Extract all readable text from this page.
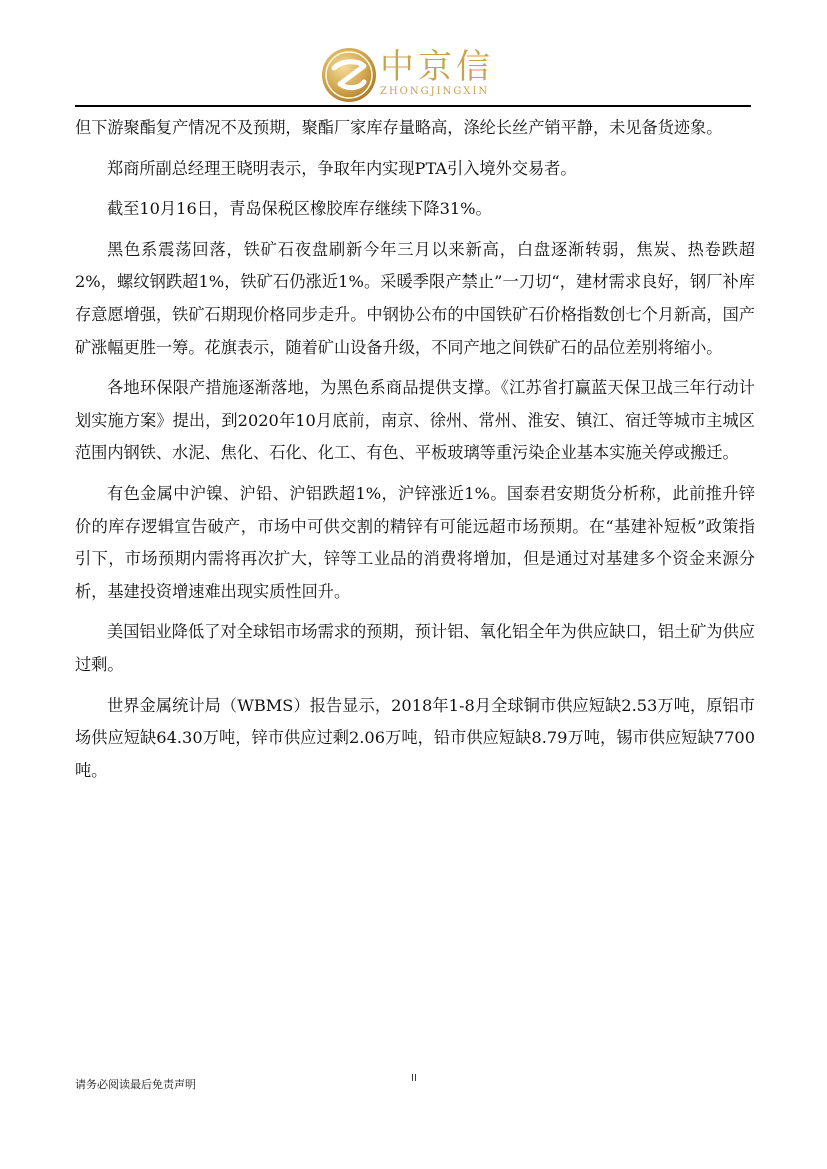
中京信
ZHONGJINGXIN

但下游聚酯复产情况不及预期，聚酯厂家库存量略高，涤纶长丝产销平静，未见备货迹象。

郑商所副总经理王晓明表示，争取年内实现PTA引入境外交易者。

截至10月16日，青岛保税区橡胶库存继续下降31%。

黑色系震荡回落，铁矿石夜盘刷新今年三月以来新高，白盘逐渐转弱，焦炭、热卷跌超2%，螺纹钢跌超1%，铁矿石仍涨近1%。采暖季限产禁止”一刀切“，建材需求良好，钢厂补库存意愿增强，铁矿石期现价格同步走升。中钢协公布的中国铁矿石价格指数创七个月新高，国产矿涨幅更胜一筹。花旗表示，随着矿山设备升级，不同产地之间铁矿石的品位差别将缩小。

各地环保限产措施逐渐落地，为黑色系商品提供支撑。《江苏省打赢蓝天保卫战三年行动计划实施方案》提出，到2020年10月底前，南京、徐州、常州、淮安、镇江、宿迁等城市主城区范围内钢铁、水泥、焦化、石化、化工、有色、平板玻璃等重污染企业基本实施关停或搬迁。

有色金属中沪镍、沪铅、沪铝跌超1%，沪锌涨近1%。国泰君安期货分析称，此前推升锌价的库存逻辑宣告破产，市场中可供交割的精锌有可能远超市场预期。在“基建补短板”政策指引下，市场预期内需将再次扩大，锌等工业品的消费将增加，但是通过对基建多个资金来源分析，基建投资增速难出现实质性回升。

美国铝业降低了对全球铝市场需求的预期，预计铝、氧化铝全年为供应缺口，铝土矿为供应过剩。

世界金属统计局（WBMS）报告显示，2018年1-8月全球铜市供应短缺2.53万吨，原铝市场供应短缺64.30万吨，锌市供应过剩2.06万吨，铅市供应短缺8.79万吨，锡市供应短缺7700吨。

请务必阅读最后免责声明	II
